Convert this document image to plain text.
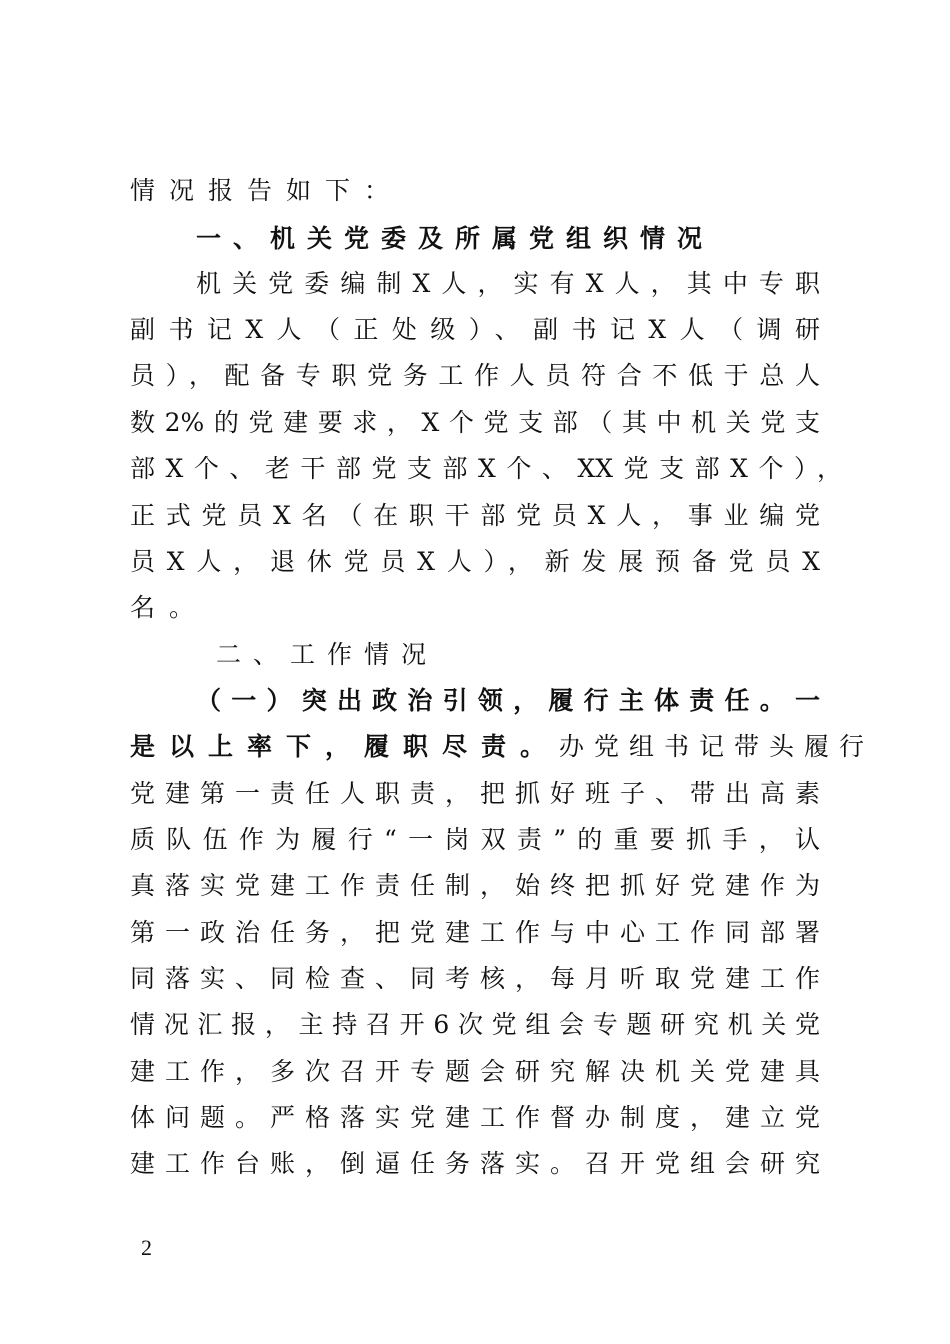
情况报告如下：
一、机关党委及所属党组织情况
机关党委编制X人，实有X人，其中专职
副书记X人（正处级）、副书记X人（调研
员），配备专职党务工作人员符合不低于总人
数2%的党建要求，X个党支部（其中机关党支
部X个、老干部党支部X个、XX党支部X个），
正式党员X名（在职干部党员X人，事业编党
员X人，退休党员X人），新发展预备党员X
名。
二、工作情况
（一）突出政治引领，履行主体责任。一
是以上率下，履职尽责。办党组书记带头履行
党建第一责任人职责，把抓好班子、带出高素
质队伍作为履行“一岗双责”的重要抓手，认
真落实党建工作责任制，始终把抓好党建作为
第一政治任务，把党建工作与中心工作同部署
同落实、同检查、同考核，每月听取党建工作
情况汇报，主持召开6次党组会专题研究机关党
建工作，多次召开专题会研究解决机关党建具
体问题。严格落实党建工作督办制度，建立党
建工作台账，倒逼任务落实。召开党组会研究
2
